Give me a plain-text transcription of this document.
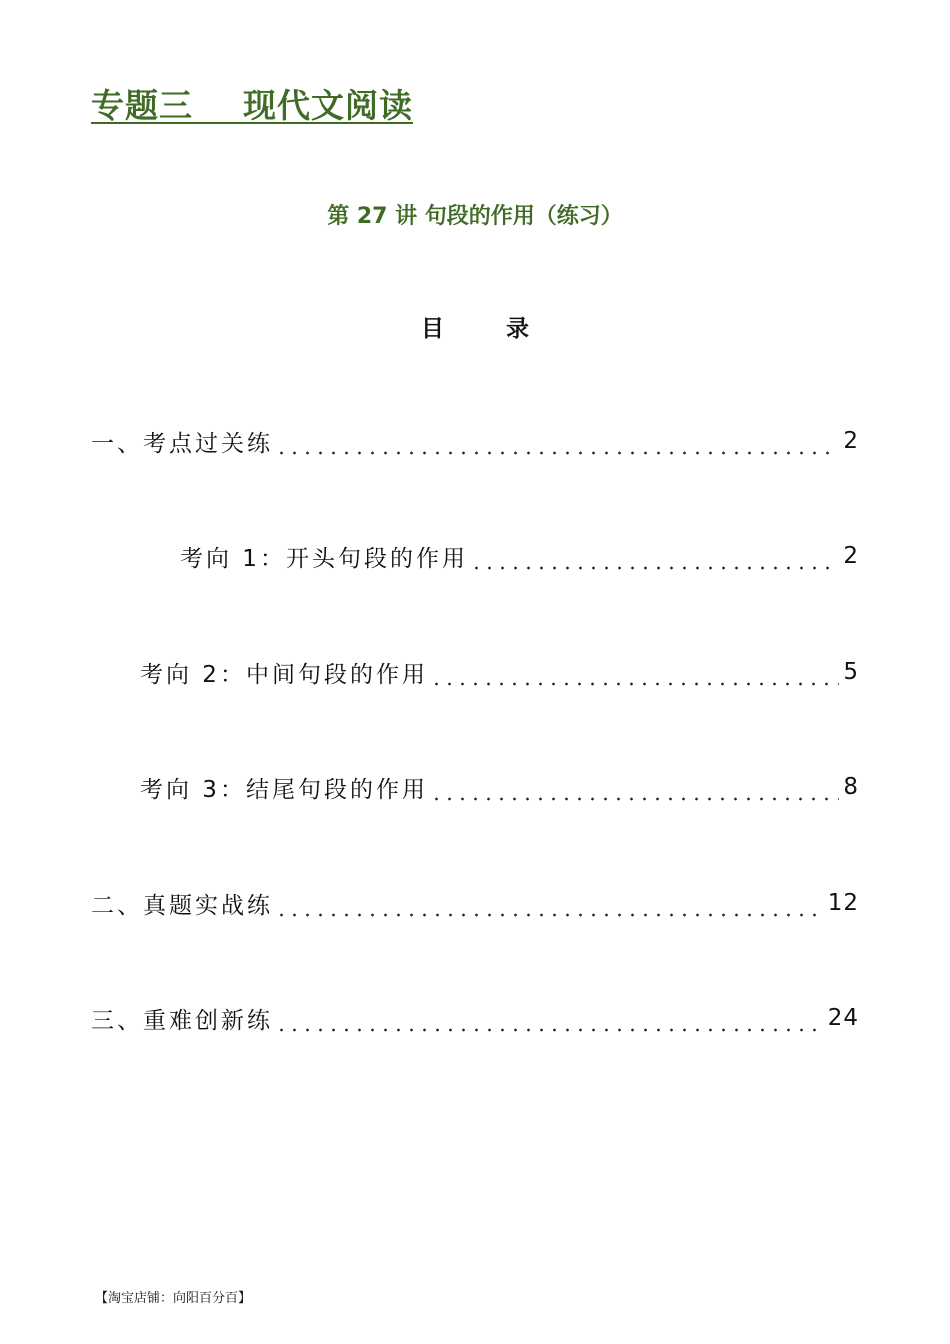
专题三    现代文阅读
第 27 讲 句段的作用（练习）
目	录
一、考点过关练	2
考向 1：开头句段的作用	2
考向 2：中间句段的作用	5
考向 3：结尾句段的作用	8
二、真题实战练	12
三、重难创新练	24
【淘宝店铺：向阳百分百】
